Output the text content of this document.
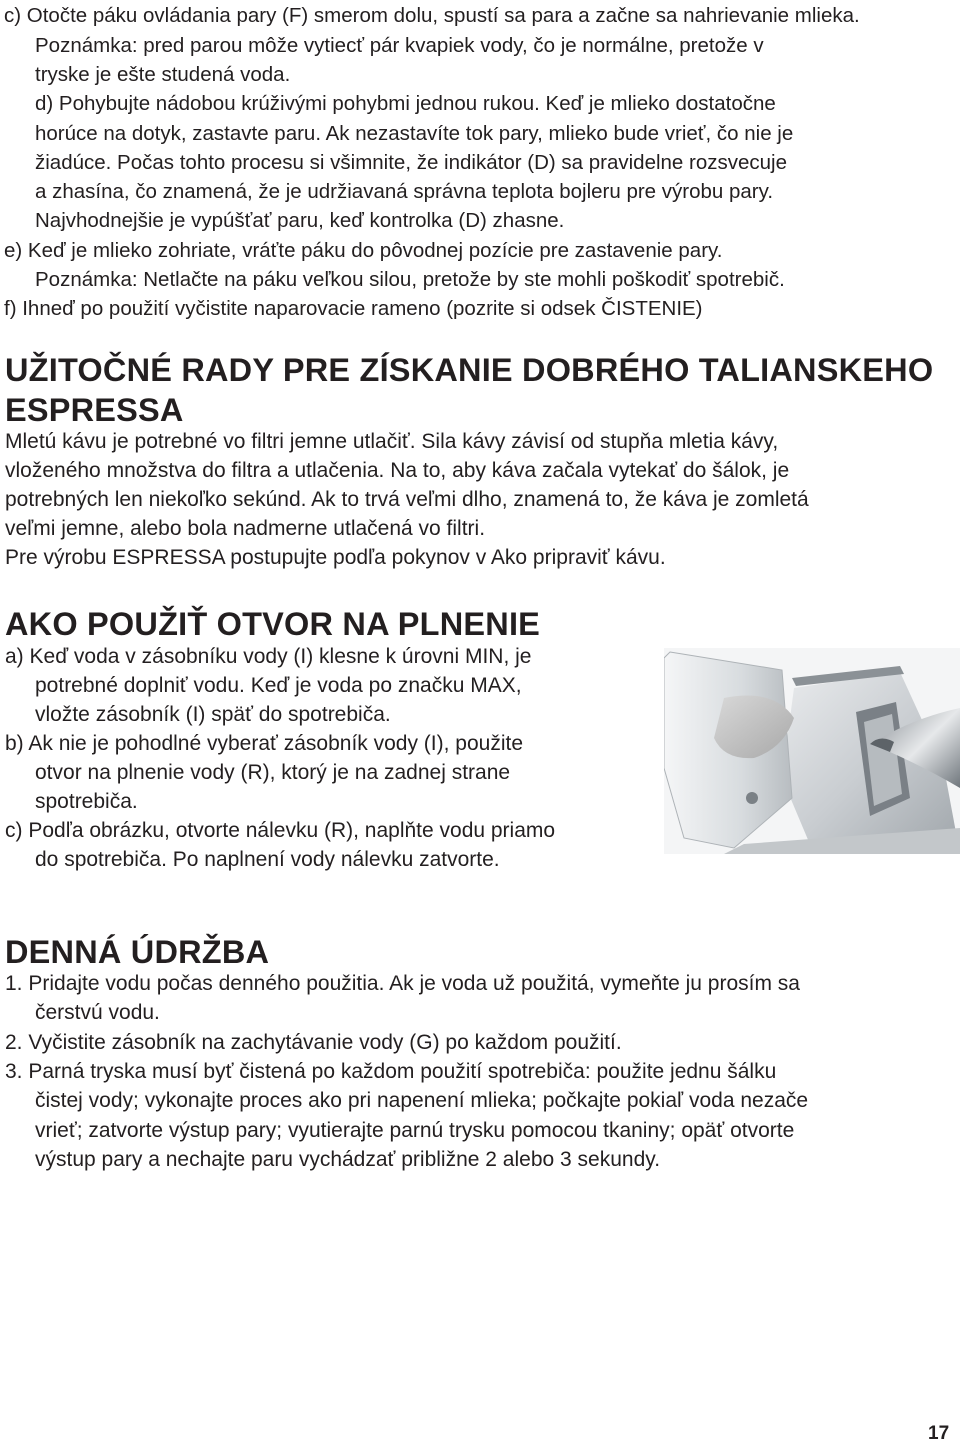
c) Otočte páku ovládania pary (F) smerom dolu, spustí sa para a začne sa nahrievanie mlieka.
Poznámka: pred parou môže vytiecť pár kvapiek vody, čo je normálne, pretože v
tryske je ešte studená voda.
d) Pohybujte nádobou krúživými pohybmi jednou rukou. Keď je mlieko dostatočne
horúce na dotyk, zastavte paru. Ak nezastavíte tok pary, mlieko bude vrieť, čo nie je
žiadúce. Počas tohto procesu si všimnite, že indikátor (D) sa pravidelne rozsvecuje
a zhasína, čo znamená, že je udržiavaná správna teplota bojleru pre výrobu pary.
Najvhodnejšie je vypúšťať paru, keď kontrolka (D) zhasne.
e) Keď je mlieko zohriate, vráťte páku do pôvodnej pozície pre zastavenie pary.
Poznámka: Netlačte na páku veľkou silou, pretože by ste mohli poškodiť spotrebič.
f) Ihneď po použití vyčistite naparovacie rameno (pozrite si odsek ČISTENIE)
UŽITOČNÉ RADY PRE ZÍSKANIE DOBRÉHO TALIANSKEHO
ESPRESSA
Mletú kávu je potrebné vo filtri jemne utlačiť. Sila kávy závisí od stupňa mletia kávy,
vloženého množstva do filtra a utlačenia. Na to, aby káva začala vytekať do šálok, je
potrebných len niekoľko sekúnd. Ak to trvá veľmi dlho, znamená to, že káva je zomletá
veľmi jemne, alebo bola nadmerne utlačená vo filtri.
Pre výrobu ESPRESSA postupujte podľa pokynov v Ako pripraviť kávu.
AKO POUŽIŤ OTVOR NA PLNENIE
a) Keď voda v zásobníku vody (I) klesne k úrovni MIN, je
potrebné doplniť vodu. Keď je voda po značku MAX,
vložte zásobník (I) späť do spotrebiča.
b) Ak nie je pohodlné vyberať zásobník vody (I), použite
otvor na plnenie vody (R), ktorý je na zadnej strane
spotrebiča.
c) Podľa obrázku, otvorte nálevku (R), naplňte vodu priamo
do spotrebiča. Po naplnení vody nálevku zatvorte.
DENNÁ ÚDRŽBA
1. Pridajte vodu počas denného použitia. Ak je voda už použitá, vymeňte ju prosím sa
čerstvú vodu.
2. Vyčistite zásobník na zachytávanie vody (G) po každom použití.
3. Parná tryska musí byť čistená po každom použití spotrebiča: použite jednu šálku
čistej vody; vykonajte proces ako pri napenení mlieka; počkajte pokiaľ voda nezače
vrieť; zatvorte výstup pary; vyutierajte parnú trysku pomocou tkaniny; opäť otvorte
výstup pary a nechajte paru vychádzať približne 2 alebo 3 sekundy.
17
